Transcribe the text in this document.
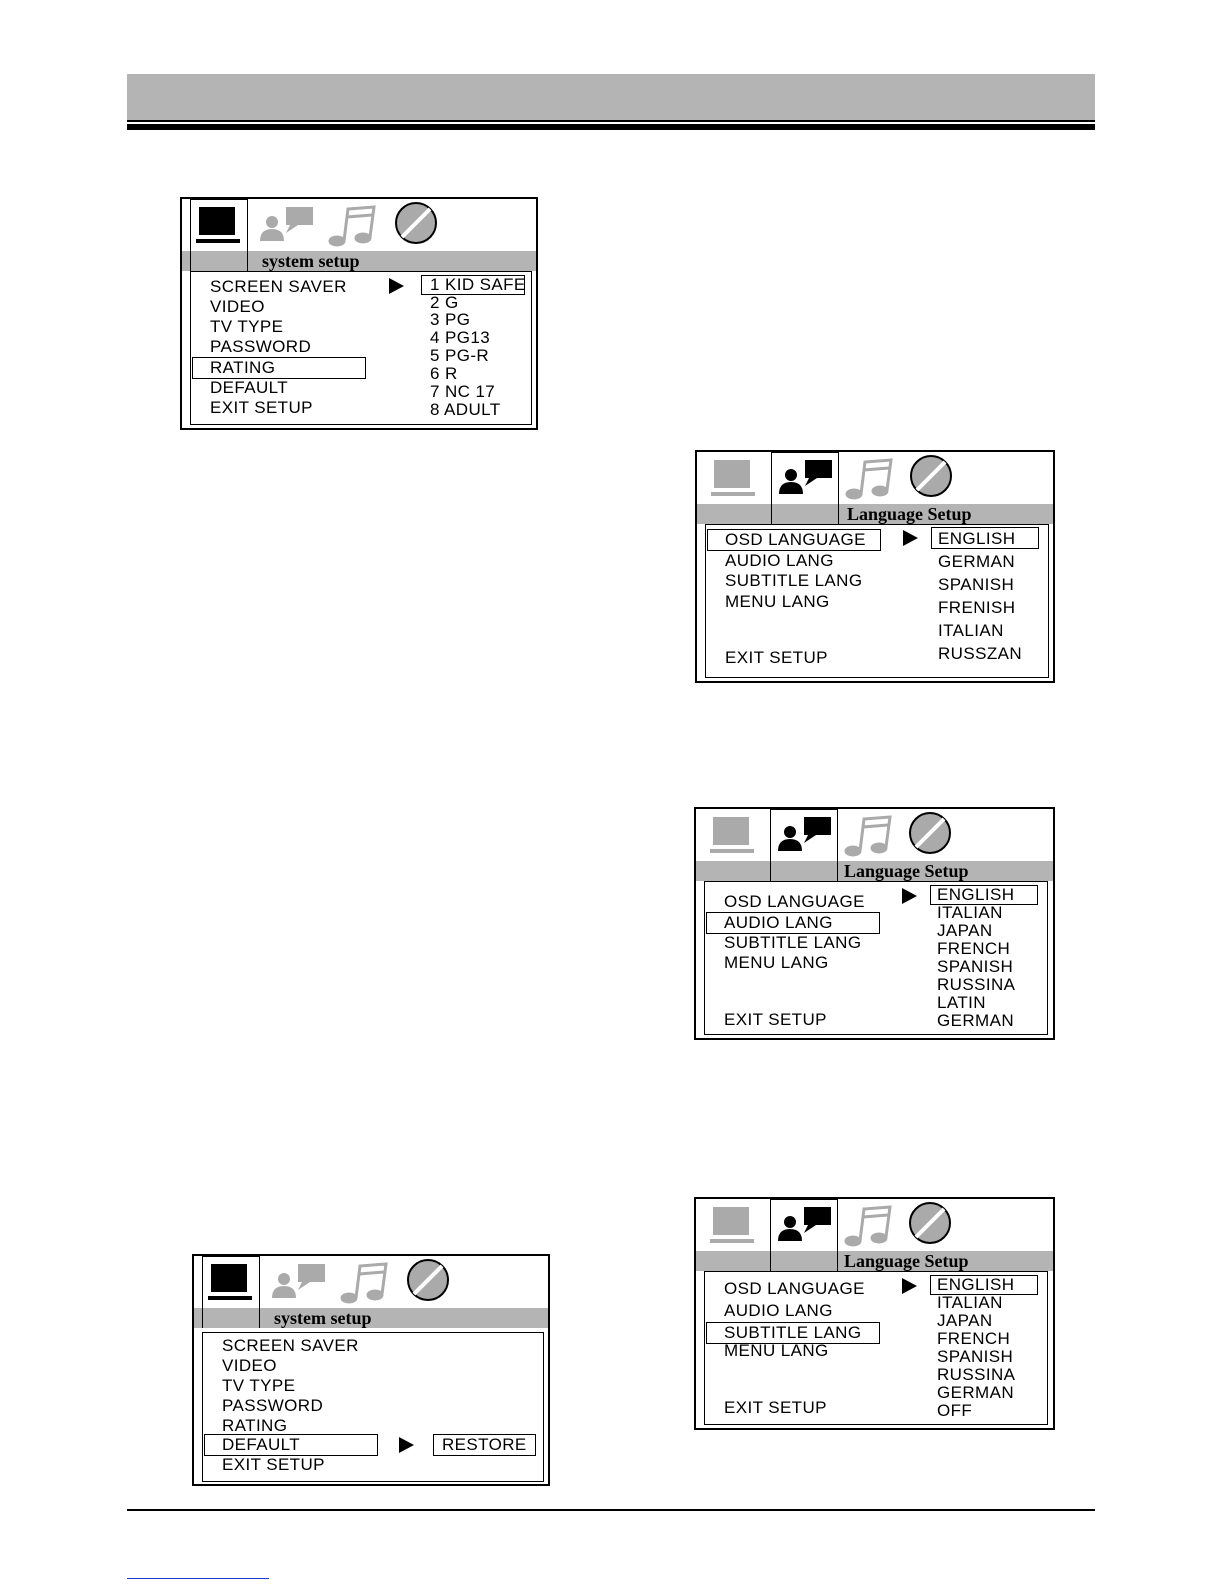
system setup
SCREEN SAVER
VIDEO
TV TYPE
PASSWORD
RATING
DEFAULT
EXIT SETUP
1 KID SAFE
2 G
3 PG
4 PG13
5 PG-R
6 R
7 NC 17
8 ADULT
Language Setup
OSD LANGUAGE
AUDIO LANG
SUBTITLE LANG
MENU LANG
EXIT SETUP
ENGLISH
GERMAN
SPANISH
FRENISH
ITALIAN
RUSSZAN
Language Setup
OSD LANGUAGE
AUDIO LANG
SUBTITLE LANG
MENU LANG
EXIT SETUP
ENGLISH
ITALIAN
JAPAN
FRENCH
SPANISH
RUSSINA
LATIN
GERMAN
Language Setup
OSD LANGUAGE
AUDIO LANG
SUBTITLE LANG
MENU LANG
EXIT SETUP
ENGLISH
ITALIAN
JAPAN
FRENCH
SPANISH
RUSSINA
GERMAN
OFF
system setup
SCREEN SAVER
VIDEO
TV TYPE
PASSWORD
RATING
DEFAULT
EXIT SETUP
RESTORE
